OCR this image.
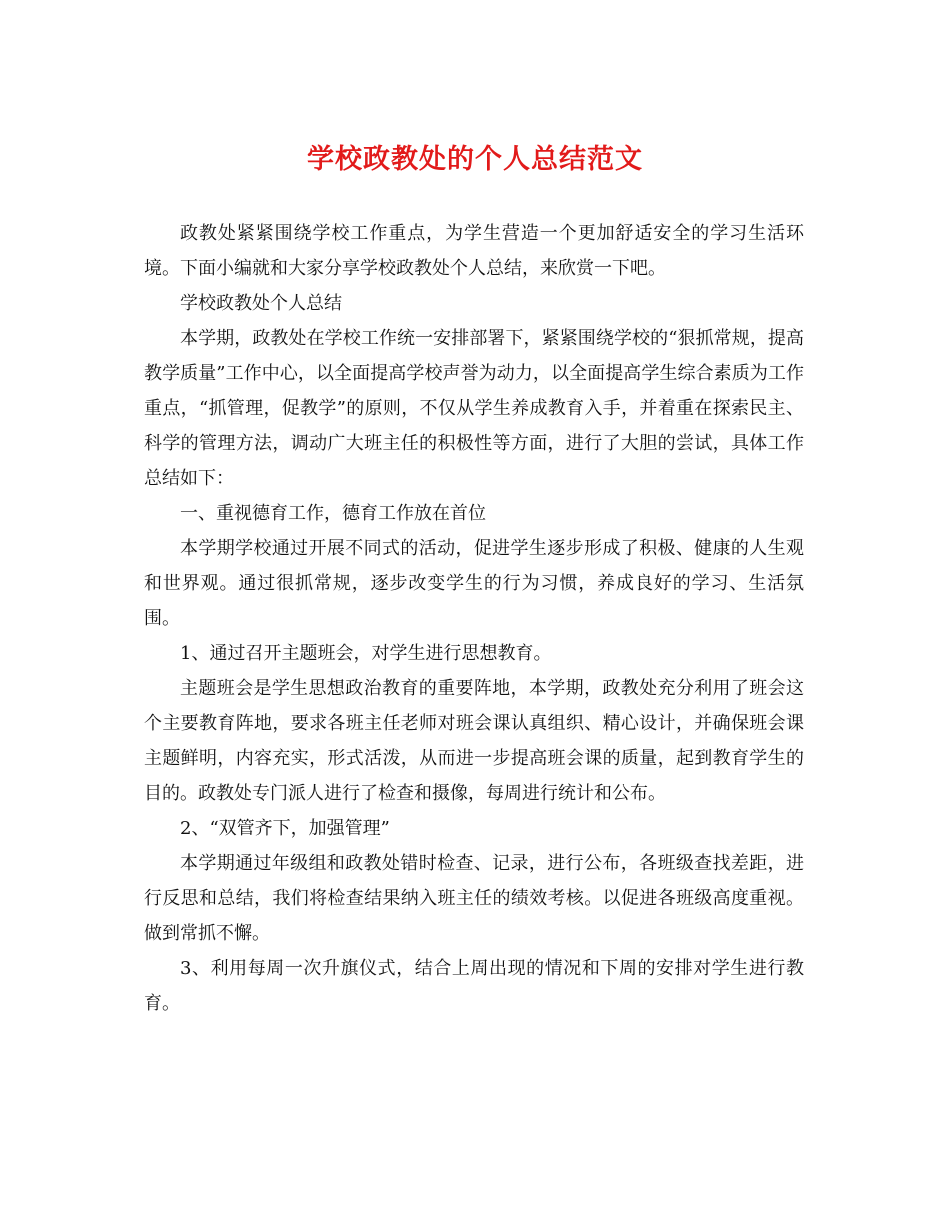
学校政教处的个人总结范文

政教处紧紧围绕学校工作重点，为学生营造一个更加舒适安全的学习生活环境。下面小编就和大家分享学校政教处个人总结，来欣赏一下吧。

学校政教处个人总结

本学期，政教处在学校工作统一安排部署下，紧紧围绕学校的“狠抓常规，提高教学质量”工作中心，以全面提高学校声誉为动力，以全面提高学生综合素质为工作重点，“抓管理，促教学”的原则，不仅从学生养成教育入手，并着重在探索民主、科学的管理方法，调动广大班主任的积极性等方面，进行了大胆的尝试，具体工作总结如下：

一、重视德育工作，德育工作放在首位

本学期学校通过开展不同式的活动，促进学生逐步形成了积极、健康的人生观和世界观。通过很抓常规，逐步改变学生的行为习惯，养成良好的学习、生活氛围。

1、通过召开主题班会，对学生进行思想教育。

主题班会是学生思想政治教育的重要阵地，本学期，政教处充分利用了班会这个主要教育阵地，要求各班主任老师对班会课认真组织、精心设计，并确保班会课主题鲜明，内容充实，形式活泼，从而进一步提高班会课的质量，起到教育学生的目的。政教处专门派人进行了检查和摄像，每周进行统计和公布。

2、“双管齐下，加强管理”

本学期通过年级组和政教处错时检查、记录，进行公布，各班级查找差距，进行反思和总结，我们将检查结果纳入班主任的绩效考核。以促进各班级高度重视。做到常抓不懈。

3、利用每周一次升旗仪式，结合上周出现的情况和下周的安排对学生进行教育。
